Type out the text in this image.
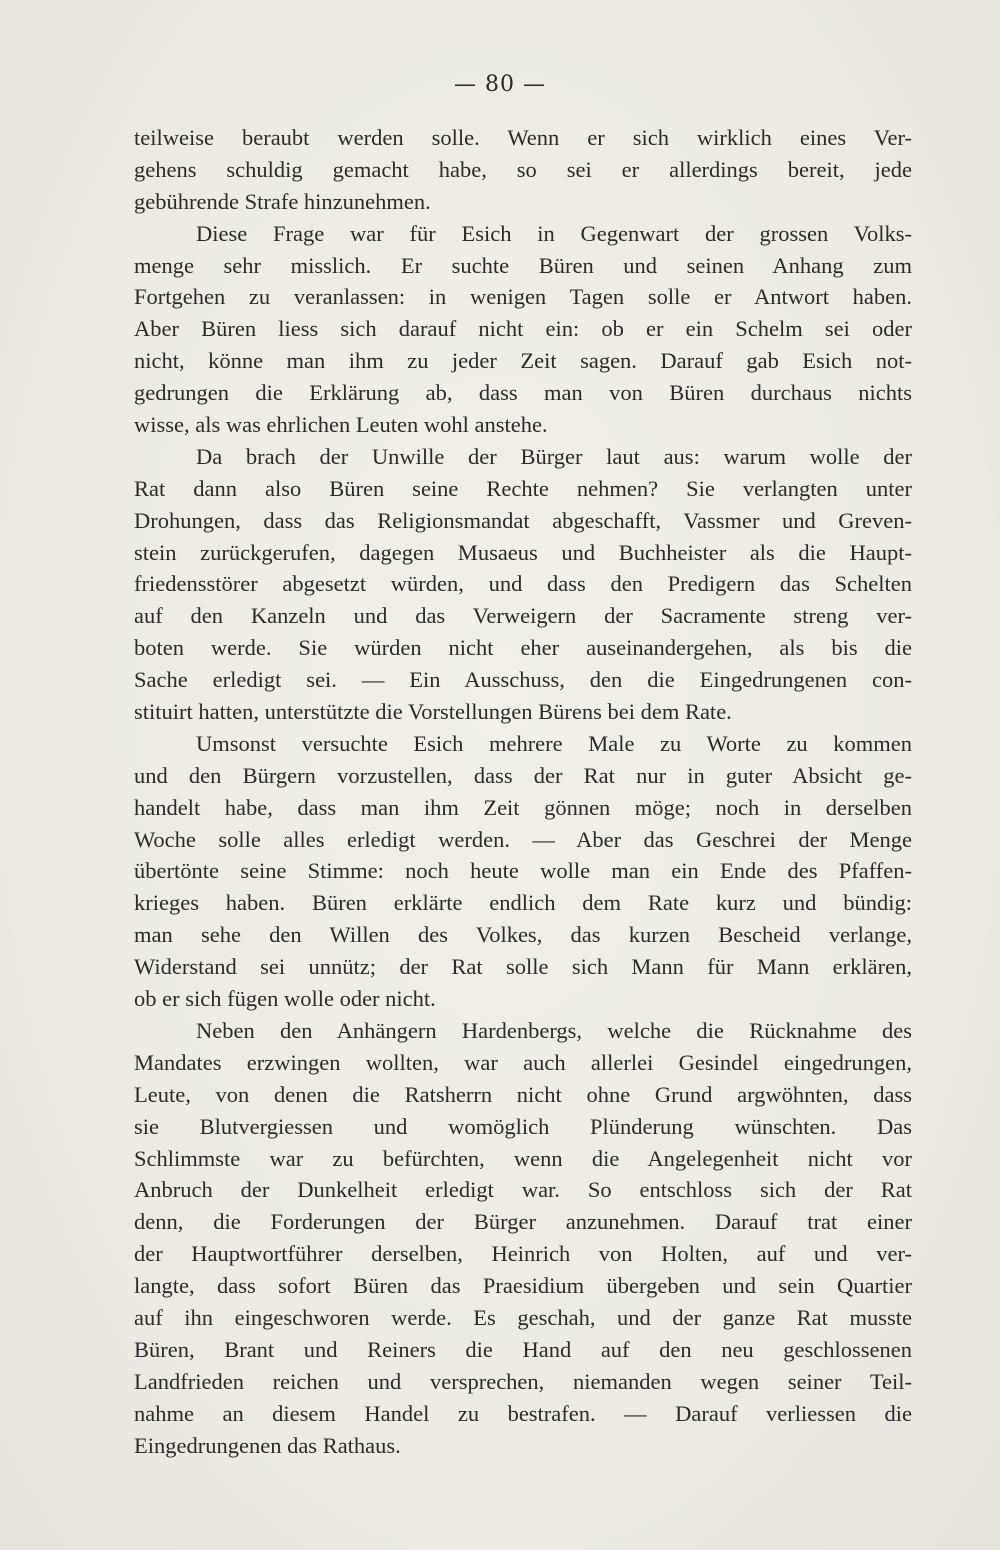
— 80 —
teilweise beraubt werden solle. Wenn er sich wirklich eines Ver-
gehens schuldig gemacht habe, so sei er allerdings bereit, jede
gebührende Strafe hinzunehmen.
Diese Frage war für Esich in Gegenwart der grossen Volks-
menge sehr misslich. Er suchte Büren und seinen Anhang zum
Fortgehen zu veranlassen: in wenigen Tagen solle er Antwort haben.
Aber Büren liess sich darauf nicht ein: ob er ein Schelm sei oder
nicht, könne man ihm zu jeder Zeit sagen. Darauf gab Esich not-
gedrungen die Erklärung ab, dass man von Büren durchaus nichts
wisse, als was ehrlichen Leuten wohl anstehe.
Da brach der Unwille der Bürger laut aus: warum wolle der
Rat dann also Büren seine Rechte nehmen? Sie verlangten unter
Drohungen, dass das Religionsmandat abgeschafft, Vassmer und Greven-
stein zurückgerufen, dagegen Musaeus und Buchheister als die Haupt-
friedensstörer abgesetzt würden, und dass den Predigern das Schelten
auf den Kanzeln und das Verweigern der Sacramente streng ver-
boten werde. Sie würden nicht eher auseinandergehen, als bis die
Sache erledigt sei. — Ein Ausschuss, den die Eingedrungenen con-
stituirt hatten, unterstützte die Vorstellungen Bürens bei dem Rate.
Umsonst versuchte Esich mehrere Male zu Worte zu kommen
und den Bürgern vorzustellen, dass der Rat nur in guter Absicht ge-
handelt habe, dass man ihm Zeit gönnen möge; noch in derselben
Woche solle alles erledigt werden. — Aber das Geschrei der Menge
übertönte seine Stimme: noch heute wolle man ein Ende des Pfaffen-
krieges haben. Büren erklärte endlich dem Rate kurz und bündig:
man sehe den Willen des Volkes, das kurzen Bescheid verlange,
Widerstand sei unnütz; der Rat solle sich Mann für Mann erklären,
ob er sich fügen wolle oder nicht.
Neben den Anhängern Hardenbergs, welche die Rücknahme des
Mandates erzwingen wollten, war auch allerlei Gesindel eingedrungen,
Leute, von denen die Ratsherrn nicht ohne Grund argwöhnten, dass
sie Blutvergiessen und womöglich Plünderung wünschten. Das
Schlimmste war zu befürchten, wenn die Angelegenheit nicht vor
Anbruch der Dunkelheit erledigt war. So entschloss sich der Rat
denn, die Forderungen der Bürger anzunehmen. Darauf trat einer
der Hauptwortführer derselben, Heinrich von Holten, auf und ver-
langte, dass sofort Büren das Praesidium übergeben und sein Quartier
auf ihn eingeschworen werde. Es geschah, und der ganze Rat musste
Büren, Brant und Reiners die Hand auf den neu geschlossenen
Landfrieden reichen und versprechen, niemanden wegen seiner Teil-
nahme an diesem Handel zu bestrafen. — Darauf verliessen die
Eingedrungenen das Rathaus.
